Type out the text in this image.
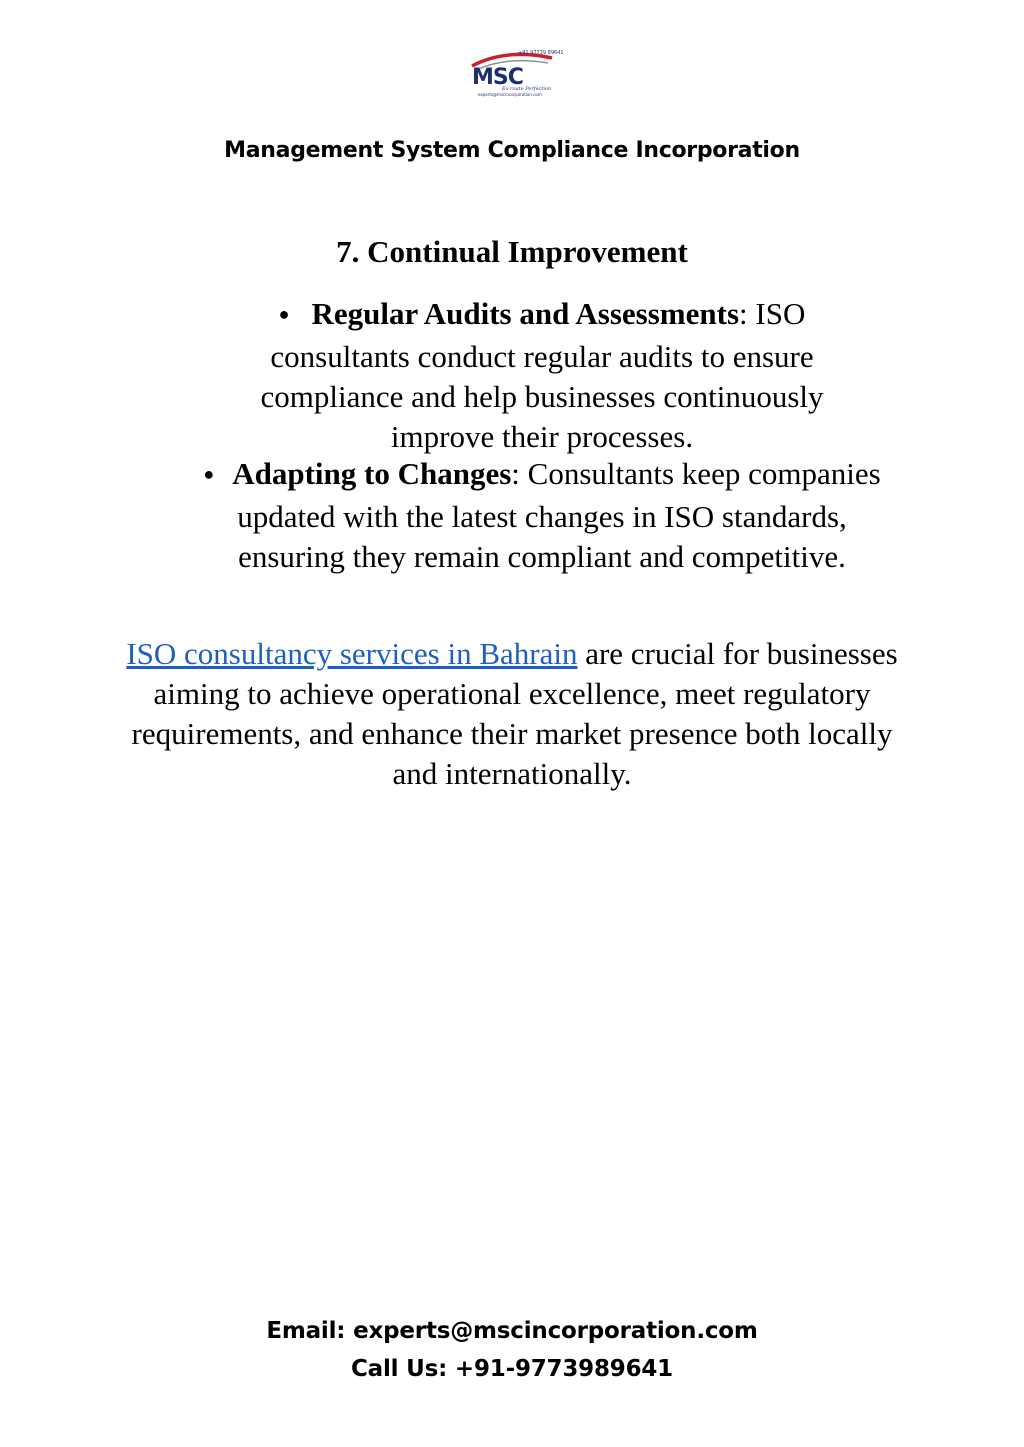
+91 97739 89641
MSC
Ex-route Perfection
experts@mscincorporation.com
Management System Compliance Incorporation
7. Continual Improvement
● Regular Audits and Assessments: ISO consultants conduct regular audits to ensure compliance and help businesses continuously improve their processes.
● Adapting to Changes: Consultants keep companies updated with the latest changes in ISO standards, ensuring they remain compliant and competitive.
ISO consultancy services in Bahrain are crucial for businesses aiming to achieve operational excellence, meet regulatory requirements, and enhance their market presence both locally and internationally.
Email: experts@mscincorporation.com
Call Us: +91-9773989641
